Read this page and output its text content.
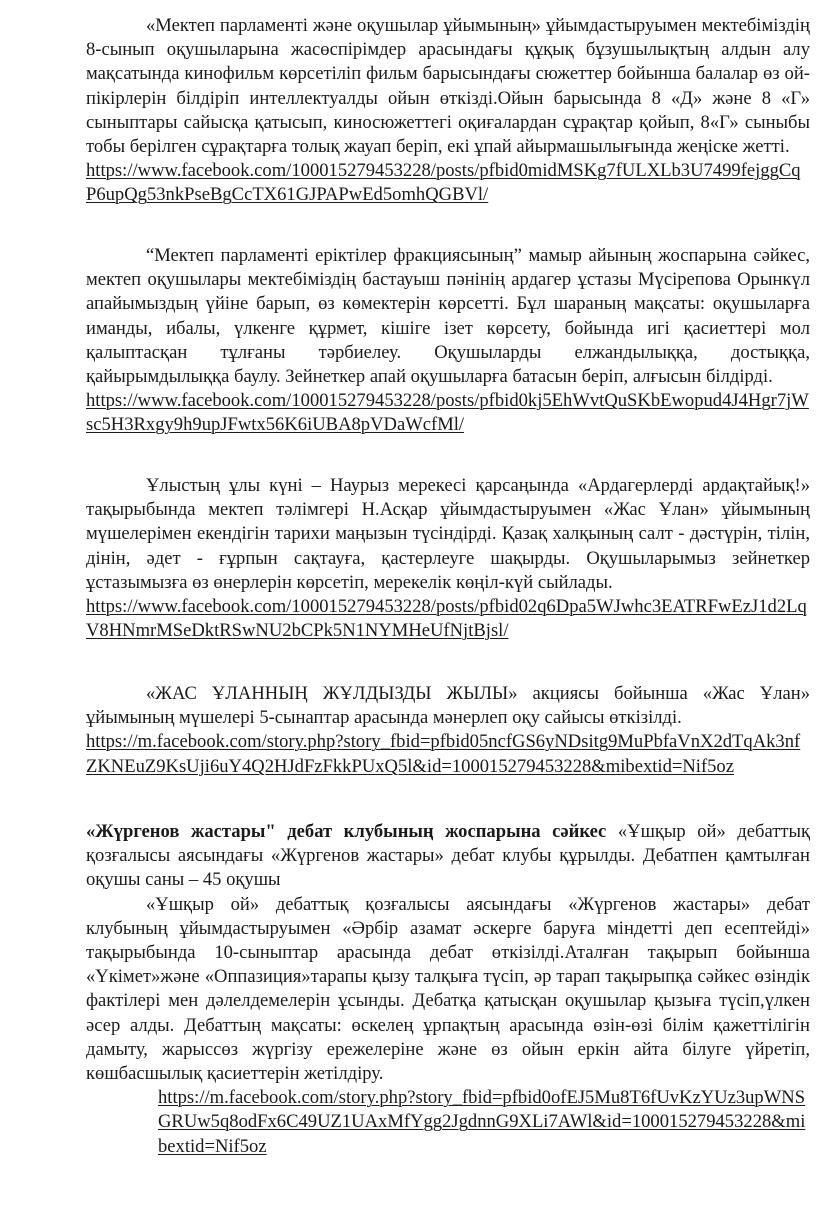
«Мектеп парламенті және оқушылар ұйымының» ұйымдастыруымен мектебіміздің 8-сынып оқушыларына жасөспірімдер арасындағы құқық бұзушылықтың алдын алу мақсатында кинофильм көрсетіліп фильм барысындағы сюжеттер бойынша балалар өз ой-пікірлерін білдіріп интеллектуалды ойын өткізді.Ойын барысында 8 «Д» және 8 «Г» сыныптары сайысқа қатысып, киносюжеттегі оқиғалардан сұрақтар қойып, 8«Г» сыныбы тобы берілген сұрақтарға толық жауап беріп, екі ұпай айырмашылығында жеңіске жетті.

https://www.facebook.com/100015279453228/posts/pfbid0midMSKg7fULXLb3U7499fejggCqP6upQg53nkPseBgCcTX61GJPAPwEd5omhQGBVl/

“Мектеп парламенті еріктілер фракциясының” мамыр айының жоспарына сәйкес, мектеп оқушылары мектебіміздің бастауыш пәнінің ардагер ұстазы Мүсірепова Орынкүл апайымыздың үйіне барып, өз көмектерін көрсетті. Бұл шараның мақсаты: оқушыларға иманды, ибалы, үлкенге құрмет, кішіге ізет көрсету, бойында игі қасиеттері мол қалыптасқан тұлғаны тәрбиелеу. Оқушыларды елжандылыққа, достыққа, қайырымдылыққа баулу. Зейнеткер апай оқушыларға батасын беріп, алғысын білдірді.

https://www.facebook.com/100015279453228/posts/pfbid0kj5EhWvtQuSKbEwopud4J4Hgr7jWsc5H3Rxgy9h9upJFwtx56K6iUBA8pVDaWcfMl/

Ұлыстың ұлы күні – Наурыз мерекесі қарсаңында «Ардагерлерді ардақтайық!» тақырыбында мектеп тәлімгері Н.Асқар ұйымдастыруымен «Жас Ұлан» ұйымының мүшелерімен екендігін тарихи маңызын түсіндірді. Қазақ халқының салт - дәстүрін, тілін, дінін, әдет - ғұрпын сақтауға, қастерлеуге шақырды. Оқушыларымыз зейнеткер ұстазымызға өз өнерлерін көрсетіп, мерекелік көңіл-күй сыйлады.

https://www.facebook.com/100015279453228/posts/pfbid02q6Dpa5WJwhc3EATRFwEzJ1d2LqV8HNmrMSeDktRSwNU2bCPk5N1NYMHeUfNjtBjsl/

«ЖАС ҰЛАННЫҢ ЖҰЛДЫЗДЫ ЖЫЛЫ» акциясы бойынша «Жас Ұлан» ұйымының мүшелері 5-сынаптар арасында мәнерлеп оқу сайысы өткізілді.

https://m.facebook.com/story.php?story_fbid=pfbid05ncfGS6yNDsitg9MuPbfaVnX2dTqAk3nfZKNEuZ9KsUji6uY4Q2HJdFzFkkPUxQ5l&id=100015279453228&mibextid=Nif5oz

«Жүргенов жастары" дебат клубының жоспарына сәйкес «Ұшқыр ой» дебаттық қозғалысы аясындағы «Жүргенов жастары» дебат клубы құрылды. Дебатпен қамтылған оқушы саны – 45 оқушы

«Ұшқыр ой» дебаттық қозғалысы аясындағы «Жүргенов жастары» дебат клубының ұйымдастыруымен «Әрбір азамат әскерге баруға міндетті деп есептейді» тақырыбында 10-сыныптар арасында дебат өткізілді.Аталған тақырып бойынша «Үкімет»және «Оппазиция»тарапы қызу талқыға түсіп, әр тарап тақырыпқа сәйкес өзіндік фактілері мен дәлелдемелерін ұсынды. Дебатқа қатысқан оқушылар қызыға түсіп,үлкен әсер алды. Дебаттың мақсаты: өскелең ұрпақтың арасында өзін-өзі білім қажеттілігін дамыту, жарыссөз жүргізу ережелеріне және өз ойын еркін айта білуге үйретіп, көшбасшылық қасиеттерін жетілдіру.

https://m.facebook.com/story.php?story_fbid=pfbid0ofEJ5Mu8T6fUvKzYUz3upWNSGRUw5q8odFx6C49UZ1UAxMfYgg2JgdnnG9XLi7AWl&id=100015279453228&mibextid=Nif5oz
